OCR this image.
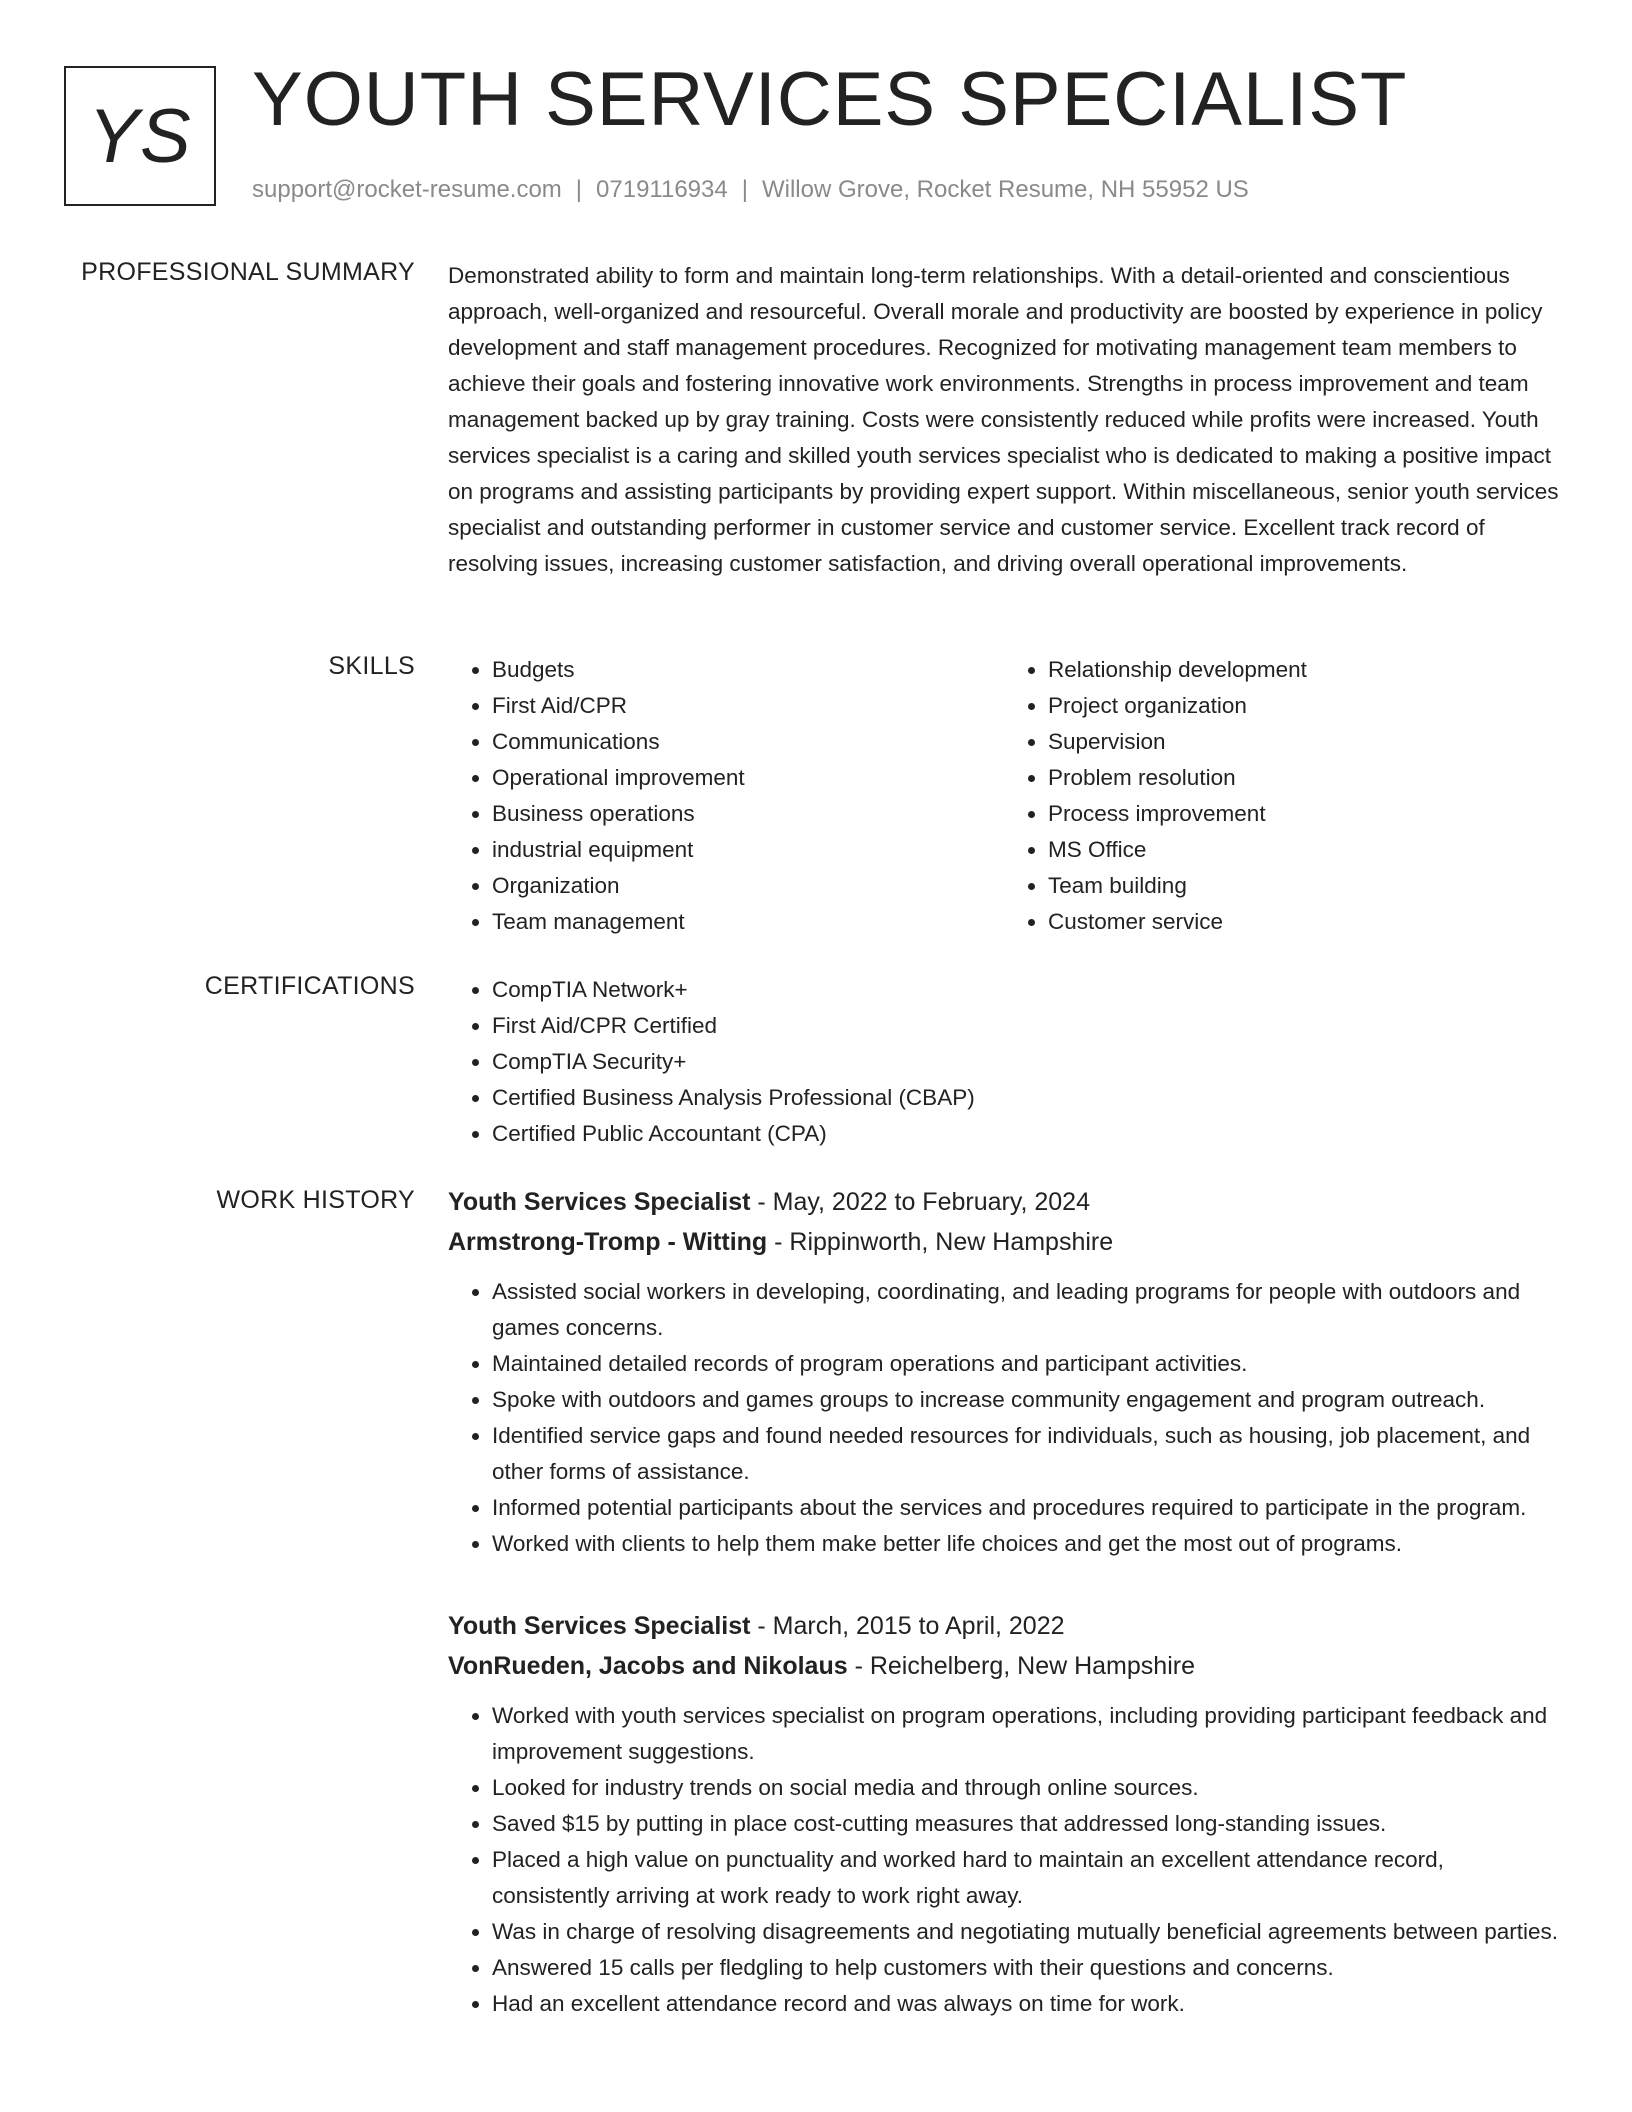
YS YOUTH SERVICES SPECIALIST
support@rocket-resume.com | 0719116934 | Willow Grove, Rocket Resume, NH 55952 US
PROFESSIONAL SUMMARY Demonstrated ability to form and maintain long-term relationships. With a detail-oriented and conscientious approach, well-organized and resourceful. Overall morale and productivity are boosted by experience in policy development and staff management procedures. Recognized for motivating management team members to achieve their goals and fostering innovative work environments. Strengths in process improvement and team management backed up by gray training. Costs were consistently reduced while profits were increased. Youth services specialist is a caring and skilled youth services specialist who is dedicated to making a positive impact on programs and assisting participants by providing expert support. Within miscellaneous, senior youth services specialist and outstanding performer in customer service and customer service. Excellent track record of resolving issues, increasing customer satisfaction, and driving overall operational improvements.

SKILLS	• Budgets
• First Aid/CPR
• Communications
• Operational improvement
• Business operations
• industrial equipment
• Organization
• Team management
• Relationship development
• Project organization
• Supervision
• Problem resolution
• Process improvement
• MS Office
• Team building
• Customer service
CERTIFICATIONS	• CompTIA Network+
• First Aid/CPR Certified
• CompTIA Security+
• Certified Business Analysis Professional (CBAP)
• Certified Public Accountant (CPA)
WORK HISTORY Youth Services Specialist - May, 2022 to February, 2024
Armstrong-Tromp - Witting - Rippinworth, New Hampshire
• Assisted social workers in developing, coordinating, and leading programs for people with outdoors and games concerns.
• Maintained detailed records of program operations and participant activities.
• Spoke with outdoors and games groups to increase community engagement and program outreach.
• Identified service gaps and found needed resources for individuals, such as housing, job placement, and other forms of assistance.
• Informed potential participants about the services and procedures required to participate in the program.
• Worked with clients to help them make better life choices and get the most out of programs.
Youth Services Specialist - March, 2015 to April, 2022
VonRueden, Jacobs and Nikolaus - Reichelberg, New Hampshire
• Worked with youth services specialist on program operations, including providing participant feedback and improvement suggestions.
• Looked for industry trends on social media and through online sources.
• Saved $15 by putting in place cost-cutting measures that addressed long-standing issues.
• Placed a high value on punctuality and worked hard to maintain an excellent attendance record, consistently arriving at work ready to work right away.
• Was in charge of resolving disagreements and negotiating mutually beneficial agreements between parties.
• Answered 15 calls per fledgling to help customers with their questions and concerns.
• Had an excellent attendance record and was always on time for work.
